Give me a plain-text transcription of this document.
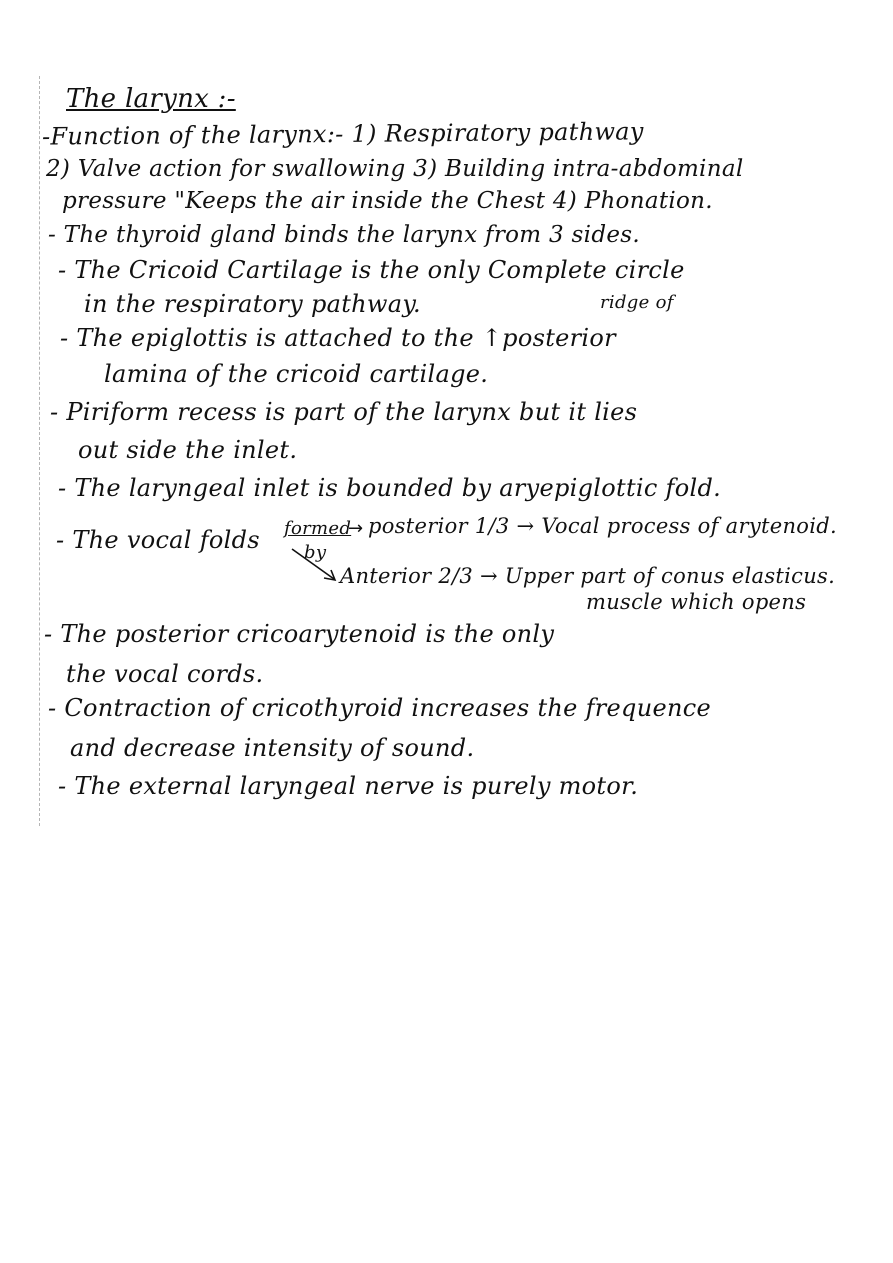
The larynx :-
-Function of the larynx:- 1) Respiratory pathway
2) Valve action for swallowing 3) Building intra-abdominal
pressure "Keeps the air inside the Chest 4) Phonation.
- The thyroid gland binds the larynx from 3 sides.
- The Cricoid Cartilage is the only Complete circle
in the respiratory pathway.	ridge of
- The epiglottis is attached to the ↑posterior
lamina of the cricoid cartilage.
- Piriform recess is part of the larynx but it lies
out side the inlet.
- The laryngeal inlet is bounded by aryepiglottic fold.
- The vocal folds formed
by
→ posterior 1/3 → Vocal process of arytenoid.
Anterior 2/3 → Upper part of conus elasticus.
muscle which opens
- The posterior cricoarytenoid is the only
the vocal cords.
- Contraction of cricothyroid increases the frequence
and decrease intensity of sound.
- The external laryngeal nerve is purely motor.
